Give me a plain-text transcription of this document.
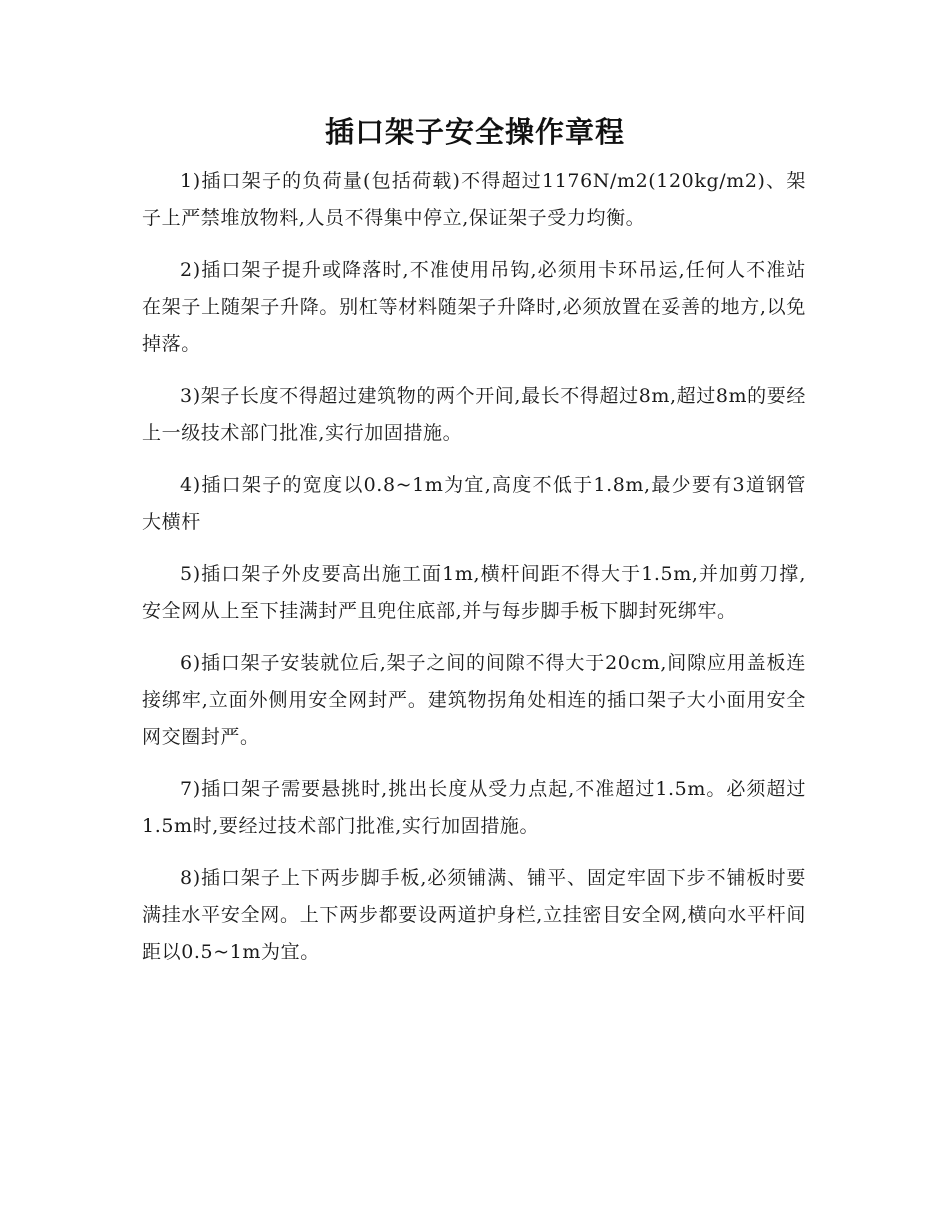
插口架子安全操作章程

1)插口架子的负荷量(包括荷载)不得超过1176N/m2(120kg/m2)、架子上严禁堆放物料,人员不得集中停立,保证架子受力均衡。

2)插口架子提升或降落时,不准使用吊钩,必须用卡环吊运,任何人不准站在架子上随架子升降。别杠等材料随架子升降时,必须放置在妥善的地方,以免掉落。

3)架子长度不得超过建筑物的两个开间,最长不得超过8m,超过8m的要经上一级技术部门批准,实行加固措施。

4)插口架子的宽度以0.8~1m为宜,高度不低于1.8m,最少要有3道钢管大横杆

5)插口架子外皮要高出施工面1m,横杆间距不得大于1.5m,并加剪刀撑,安全网从上至下挂满封严且兜住底部,并与每步脚手板下脚封死绑牢。

6)插口架子安装就位后,架子之间的间隙不得大于20cm,间隙应用盖板连接绑牢,立面外侧用安全网封严。建筑物拐角处相连的插口架子大小面用安全网交圈封严。

7)插口架子需要悬挑时,挑出长度从受力点起,不准超过1.5m。必须超过1.5m时,要经过技术部门批准,实行加固措施。

8)插口架子上下两步脚手板,必须铺满、铺平、固定牢固下步不铺板时要满挂水平安全网。上下两步都要设两道护身栏,立挂密目安全网,横向水平杆间距以0.5~1m为宜。
